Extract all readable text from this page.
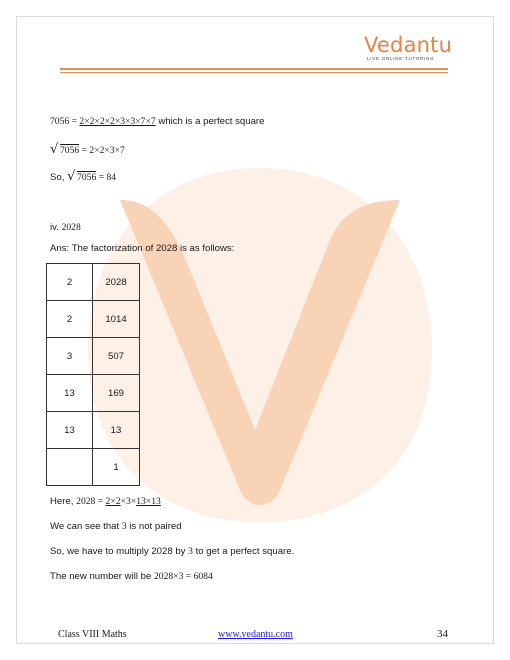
Vedantu
LIVE ONLINE TUTORING
7056 = 2×2×2×2×3×3×7×7 which is a perfect square
√ 7056 = 2×2×3×7
So, √ 7056 = 84
iv. 2028
Ans: The factorization of 2028 is as follows:
2	2028
2	1014
3	507
13	169
13	13
	1
Here, 2028 = 2×2×3×13×13
We can see that 3 is not paired
So, we have to multiply 2028 by 3 to get a perfect square.
The new number will be 2028×3 = 6084
Class VIII Maths	www.vedantu.com	34
